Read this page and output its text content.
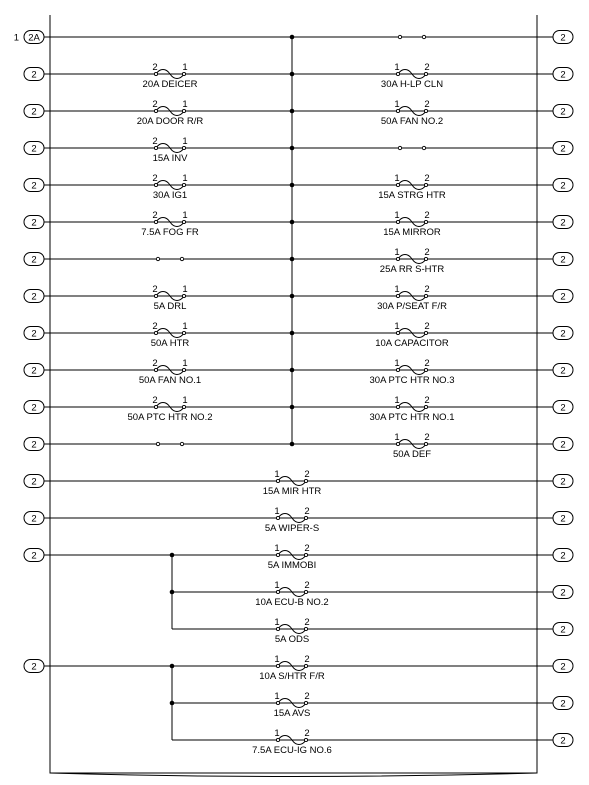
1 2A	2
2	2
2	1
20A DEICER
1	2
30A H-LP CLN
2	2
2	1
20A DOOR R/R
1	2
50A FAN NO.2
2	2
2	1
15A INV
2	2
2	1
30A IG1
1	2
15A STRG HTR
2	2
2	1
7.5A FOG FR
1	2
15A MIRROR
2	2
1	2
25A RR S-HTR
2	2
2	1
5A DRL
1	2
30A P/SEAT F/R
2	2
2	1
50A HTR
1	2
10A CAPACITOR
2	2
2	1
50A FAN NO.1
1	2
30A PTC HTR NO.3
2	2
2	1
50A PTC HTR NO.2
1	2
30A PTC HTR NO.1
2	2
1	2
50A DEF
2	2
1	2
15A MIR HTR
2	2
1	2
5A WIPER-S
2	2
1	2
5A IMMOBI
2
1	2
10A ECU-B NO.2
2
1	2
5A ODS
2	2
1	2
10A S/HTR F/R
2
1	2
15A AVS
2
1	2
7.5A ECU-IG NO.6
